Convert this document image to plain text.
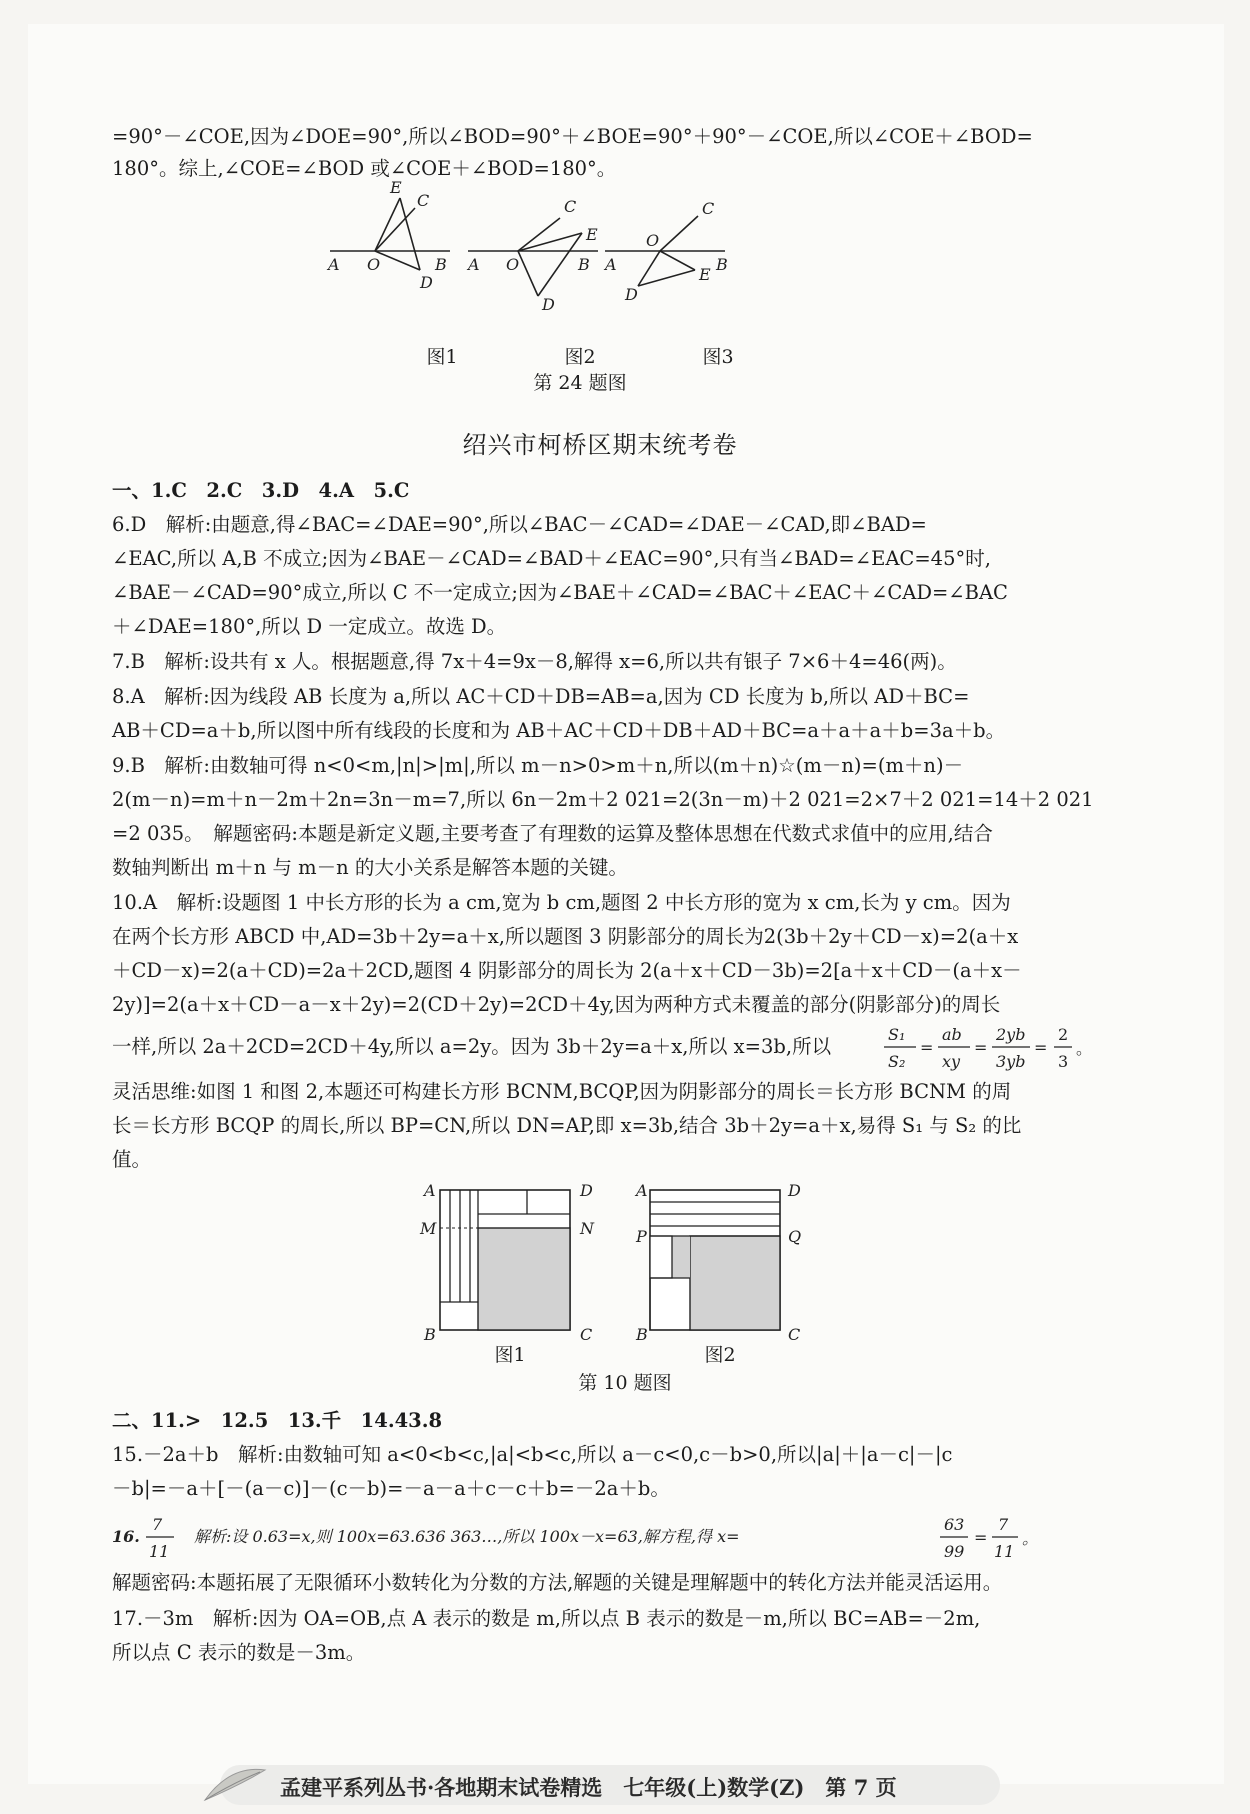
=90°－∠COE,因为∠DOE=90°,所以∠BOD=90°＋∠BOE=90°＋90°－∠COE,所以∠COE＋∠BOD=
180°。综上,∠COE=∠BOD 或∠COE＋∠BOD=180°。
A O	B
C
E
D
A O	B
C
E
D
A
O
B
C
E
D
图1	图2	图3
第 24 题图
绍兴市柯桥区期末统考卷
一、1.C　2.C　3.D　4.A　5.C
6.D　解析:由题意,得∠BAC=∠DAE=90°,所以∠BAC－∠CAD=∠DAE－∠CAD,即∠BAD=
∠EAC,所以 A,B 不成立;因为∠BAE－∠CAD=∠BAD＋∠EAC=90°,只有当∠BAD=∠EAC=45°时,
∠BAE－∠CAD=90°成立,所以 C 不一定成立;因为∠BAE＋∠CAD=∠BAC＋∠EAC＋∠CAD=∠BAC
＋∠DAE=180°,所以 D 一定成立。故选 D。
7.B　解析:设共有 x 人。根据题意,得 7x＋4=9x－8,解得 x=6,所以共有银子 7×6＋4=46(两)。
8.A　解析:因为线段 AB 长度为 a,所以 AC＋CD＋DB=AB=a,因为 CD 长度为 b,所以 AD＋BC=
AB＋CD=a＋b,所以图中所有线段的长度和为 AB＋AC＋CD＋DB＋AD＋BC=a＋a＋a＋b=3a＋b。
9.B　解析:由数轴可得 n<0<m,|n|>|m|,所以 m－n>0>m＋n,所以(m＋n)☆(m－n)=(m＋n)－
2(m－n)=m＋n－2m＋2n=3n－m=7,所以 6n－2m＋2 021=2(3n－m)＋2 021=2×7＋2 021=14＋2 021
=2 035。　解题密码:本题是新定义题,主要考查了有理数的运算及整体思想在代数式求值中的应用,结合
数轴判断出 m＋n 与 m－n 的大小关系是解答本题的关键。
10.A　解析:设题图 1 中长方形的长为 a cm,宽为 b cm,题图 2 中长方形的宽为 x cm,长为 y cm。因为
在两个长方形 ABCD 中,AD=3b＋2y=a＋x,所以题图 3 阴影部分的周长为2(3b＋2y＋CD－x)=2(a＋x
＋CD－x)=2(a＋CD)=2a＋2CD,题图 4 阴影部分的周长为 2(a＋x＋CD－3b)=2[a＋x＋CD－(a＋x－
2y)]=2(a＋x＋CD－a－x＋2y)=2(CD＋2y)=2CD＋4y,因为两种方式未覆盖的部分(阴影部分)的周长
一样,所以 2a＋2CD=2CD＋4y,所以 a=2y。因为 3b＋2y=a＋x,所以 x=3b,所以
S₁
S₂
=
ab
xy
=
2yb
3yb
=
2
3
。
灵活思维:如图 1 和图 2,本题还可构建长方形 BCNM,BCQP,因为阴影部分的周长＝长方形 BCNM 的周
长＝长方形 BCQP 的周长,所以 BP=CN,所以 DN=AP,即 x=3b,结合 3b＋2y=a＋x,易得 S₁ 与 S₂ 的比
值。
A	D
M	N
B	C
A	D
P	Q
B	C
图1	图2
第 10 题图
二、11.>　12.5　13.千　14.43.8
15.－2a＋b　解析:由数轴可知 a<0<b<c,|a|<b<c,所以 a－c<0,c－b>0,所以|a|＋|a－c|－|c
－b|=－a＋[－(a－c)]－(c－b)=－a－a＋c－c＋b=－2a＋b。
16.
7
11
　解析:设 0.63=x,则 100x=63.636 363…,所以 100x－x=63,解方程,得 x=
63
99
=
7
11
。
解题密码:本题拓展了无限循环小数转化为分数的方法,解题的关键是理解题中的转化方法并能灵活运用。
17.－3m　解析:因为 OA=OB,点 A 表示的数是 m,所以点 B 表示的数是－m,所以 BC=AB=－2m,
所以点 C 表示的数是－3m。
孟建平系列丛书·各地期末试卷精选　七年级(上)数学(Z)　第 7 页
